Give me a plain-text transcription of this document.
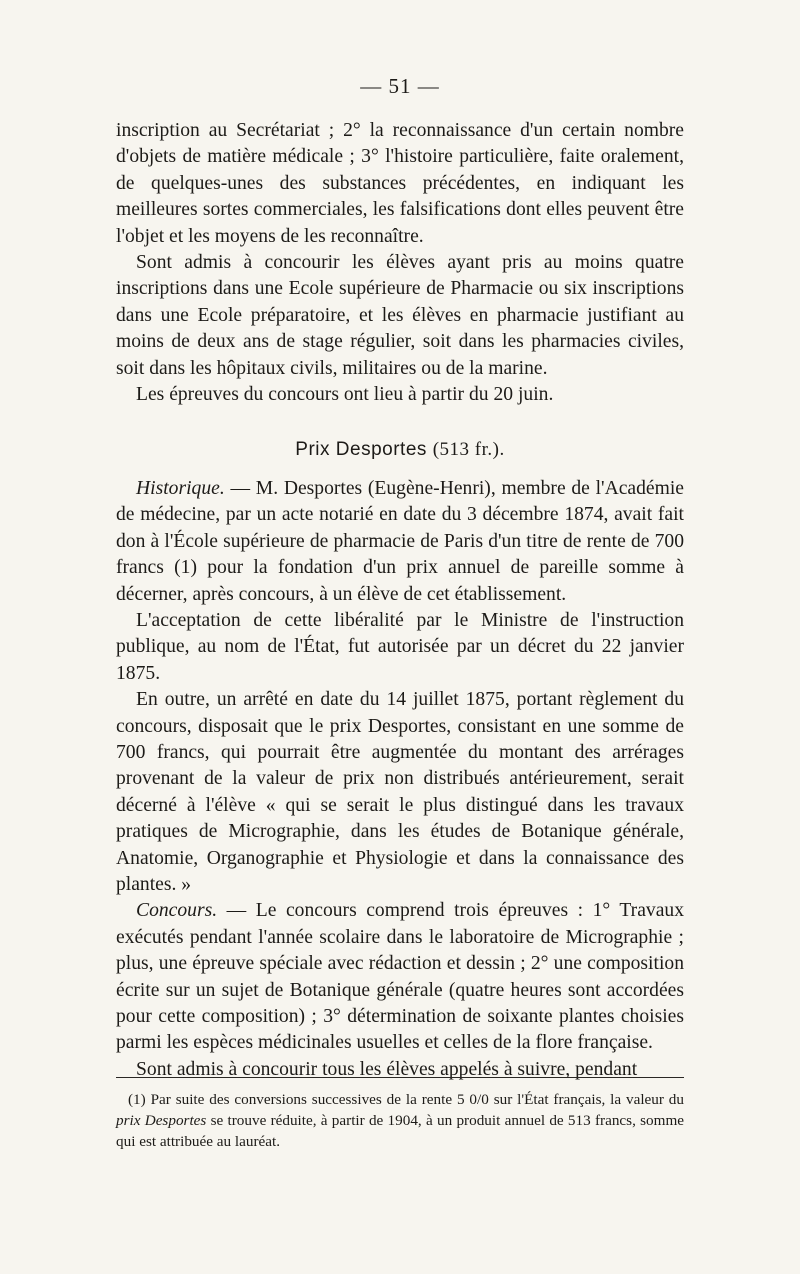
— 51 —

inscription au Secrétariat ; 2° la reconnaissance d'un certain nombre d'objets de matière médicale ; 3° l'histoire particulière, faite oralement, de quelques-unes des substances précédentes, en indiquant les meilleures sortes commerciales, les falsifications dont elles peuvent être l'objet et les moyens de les reconnaître.

Sont admis à concourir les élèves ayant pris au moins quatre inscriptions dans une Ecole supérieure de Pharmacie ou six inscriptions dans une Ecole préparatoire, et les élèves en pharmacie justifiant au moins de deux ans de stage régulier, soit dans les pharmacies civiles, soit dans les hôpitaux civils, militaires ou de la marine.

Les épreuves du concours ont lieu à partir du 20 juin.

Prix Desportes (513 fr.).

Historique. — M. Desportes (Eugène-Henri), membre de l'Académie de médecine, par un acte notarié en date du 3 décembre 1874, avait fait don à l'École supérieure de pharmacie de Paris d'un titre de rente de 700 francs (1) pour la fondation d'un prix annuel de pareille somme à décerner, après concours, à un élève de cet établissement.

L'acceptation de cette libéralité par le Ministre de l'instruction publique, au nom de l'État, fut autorisée par un décret du 22 janvier 1875.

En outre, un arrêté en date du 14 juillet 1875, portant règlement du concours, disposait que le prix Desportes, consistant en une somme de 700 francs, qui pourrait être augmentée du montant des arrérages provenant de la valeur de prix non distribués antérieurement, serait décerné à l'élève « qui se serait le plus distingué dans les travaux pratiques de Micrographie, dans les études de Botanique générale, Anatomie, Organographie et Physiologie et dans la connaissance des plantes. »

Concours. — Le concours comprend trois épreuves : 1° Travaux exécutés pendant l'année scolaire dans le laboratoire de Micrographie ; plus, une épreuve spéciale avec rédaction et dessin ; 2° une composition écrite sur un sujet de Botanique générale (quatre heures sont accordées pour cette composition) ; 3° détermination de soixante plantes choisies parmi les espèces médicinales usuelles et celles de la flore française.

Sont admis à concourir tous les élèves appelés à suivre, pendant

(1) Par suite des conversions successives de la rente 5 0/0 sur l'État français, la valeur du prix Desportes se trouve réduite, à partir de 1904, à un produit annuel de 513 francs, somme qui est attribuée au lauréat.
